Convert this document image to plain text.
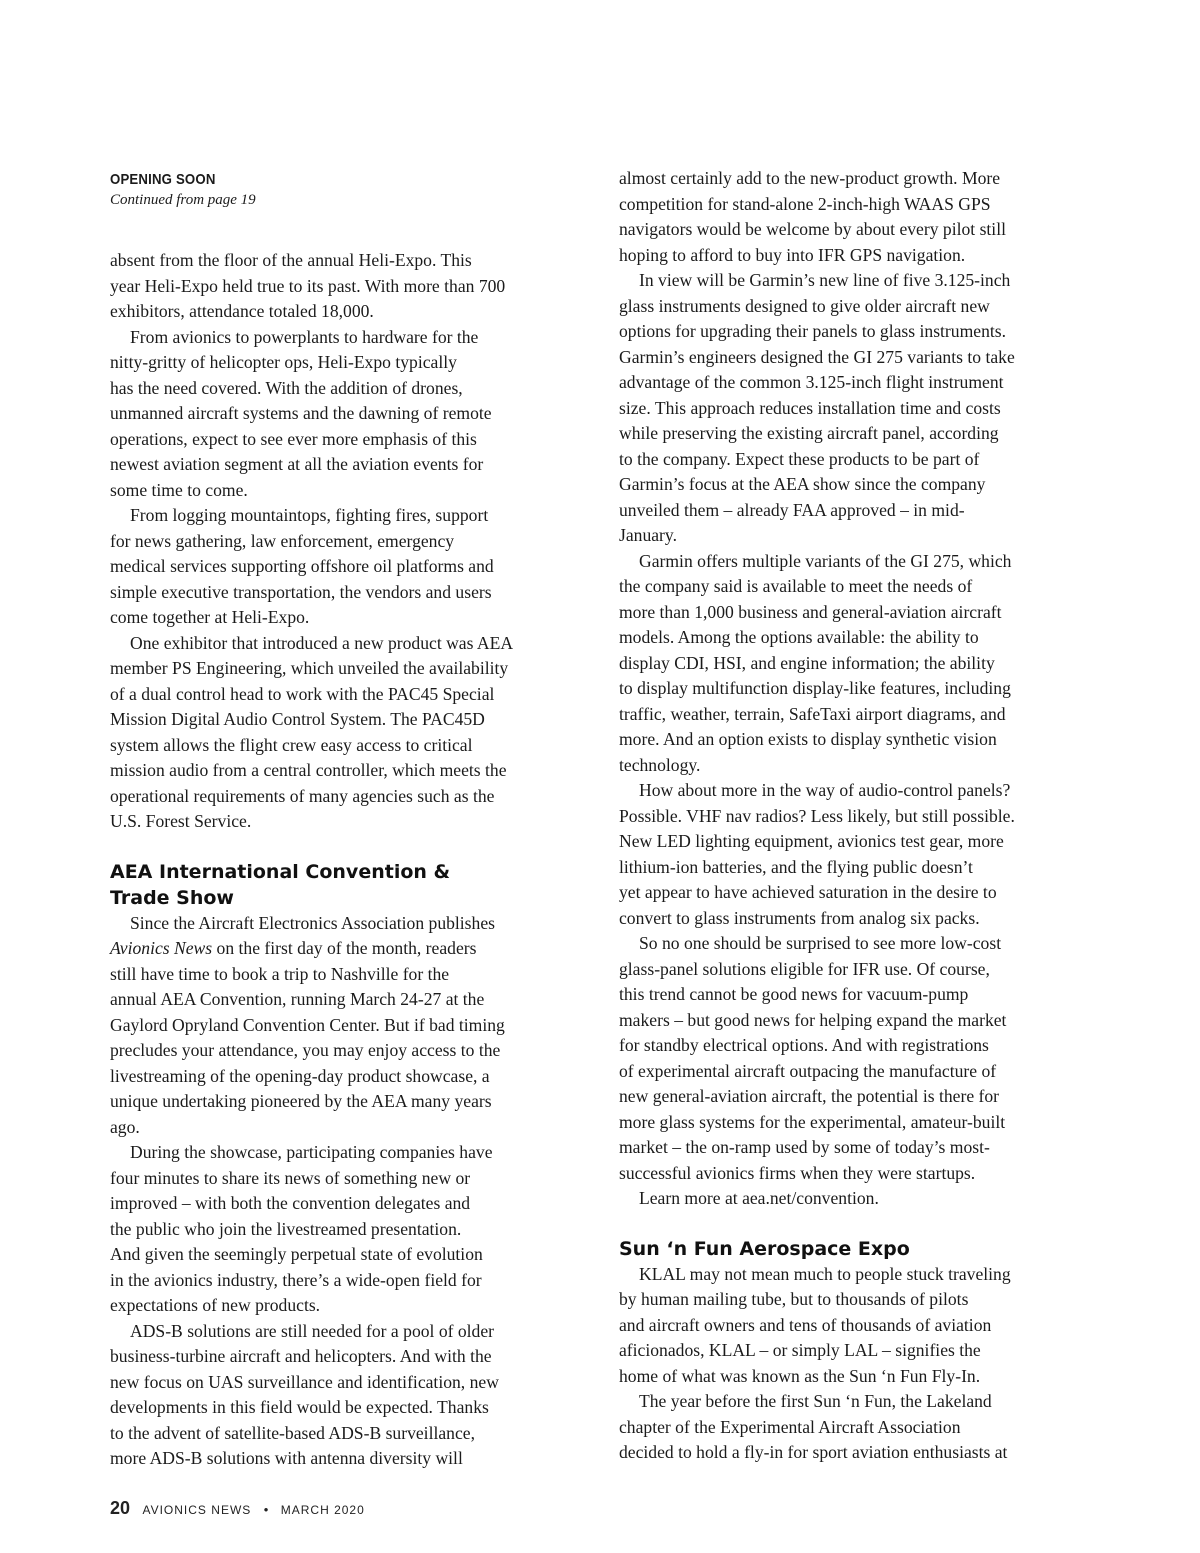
OPENING SOON
Continued from page 19

absent from the floor of the annual Heli-Expo. This
year Heli-Expo held true to its past. With more than 700
exhibitors, attendance totaled 18,000.

From avionics to powerplants to hardware for the
nitty-gritty of helicopter ops, Heli-Expo typically
has the need covered. With the addition of drones,
unmanned aircraft systems and the dawning of remote
operations, expect to see ever more emphasis of this
newest aviation segment at all the aviation events for
some time to come.

From logging mountaintops, fighting fires, support
for news gathering, law enforcement, emergency
medical services supporting offshore oil platforms and
simple executive transportation, the vendors and users
come together at Heli-Expo.

One exhibitor that introduced a new product was AEA
member PS Engineering, which unveiled the availability
of a dual control head to work with the PAC45 Special
Mission Digital Audio Control System. The PAC45D
system allows the flight crew easy access to critical
mission audio from a central controller, which meets the
operational requirements of many agencies such as the
U.S. Forest Service.

AEA International Convention &
Trade Show

Since the Aircraft Electronics Association publishes
Avionics News on the first day of the month, readers
still have time to book a trip to Nashville for the
annual AEA Convention, running March 24-27 at the
Gaylord Opryland Convention Center. But if bad timing
precludes your attendance, you may enjoy access to the
livestreaming of the opening-day product showcase, a
unique undertaking pioneered by the AEA many years
ago.

During the showcase, participating companies have
four minutes to share its news of something new or
improved – with both the convention delegates and
the public who join the livestreamed presentation.
And given the seemingly perpetual state of evolution
in the avionics industry, there’s a wide-open field for
expectations of new products.

ADS-B solutions are still needed for a pool of older
business-turbine aircraft and helicopters. And with the
new focus on UAS surveillance and identification, new
developments in this field would be expected. Thanks
to the advent of satellite-based ADS-B surveillance,
more ADS-B solutions with antenna diversity will

almost certainly add to the new-product growth. More
competition for stand-alone 2-inch-high WAAS GPS
navigators would be welcome by about every pilot still
hoping to afford to buy into IFR GPS navigation.

In view will be Garmin’s new line of five 3.125-inch
glass instruments designed to give older aircraft new
options for upgrading their panels to glass instruments.
Garmin’s engineers designed the GI 275 variants to take
advantage of the common 3.125-inch flight instrument
size. This approach reduces installation time and costs
while preserving the existing aircraft panel, according
to the company. Expect these products to be part of
Garmin’s focus at the AEA show since the company
unveiled them – already FAA approved – in mid-
January.

Garmin offers multiple variants of the GI 275, which
the company said is available to meet the needs of
more than 1,000 business and general-aviation aircraft
models. Among the options available: the ability to
display CDI, HSI, and engine information; the ability
to display multifunction display-like features, including
traffic, weather, terrain, SafeTaxi airport diagrams, and
more. And an option exists to display synthetic vision
technology.

How about more in the way of audio-control panels?
Possible. VHF nav radios? Less likely, but still possible.
New LED lighting equipment, avionics test gear, more
lithium-ion batteries, and the flying public doesn’t
yet appear to have achieved saturation in the desire to
convert to glass instruments from analog six packs.

So no one should be surprised to see more low-cost
glass-panel solutions eligible for IFR use. Of course,
this trend cannot be good news for vacuum-pump
makers – but good news for helping expand the market
for standby electrical options. And with registrations
of experimental aircraft outpacing the manufacture of
new general-aviation aircraft, the potential is there for
more glass systems for the experimental, amateur-built
market – the on-ramp used by some of today’s most-
successful avionics firms when they were startups.

Learn more at aea.net/convention.

Sun ‘n Fun Aerospace Expo

KLAL may not mean much to people stuck traveling
by human mailing tube, but to thousands of pilots
and aircraft owners and tens of thousands of aviation
aficionados, KLAL – or simply LAL – signifies the
home of what was known as the Sun ‘n Fun Fly-In.

The year before the first Sun ‘n Fun, the Lakeland
chapter of the Experimental Aircraft Association
decided to hold a fly-in for sport aviation enthusiasts at

20 AVIONICS NEWS • MARCH 2020
